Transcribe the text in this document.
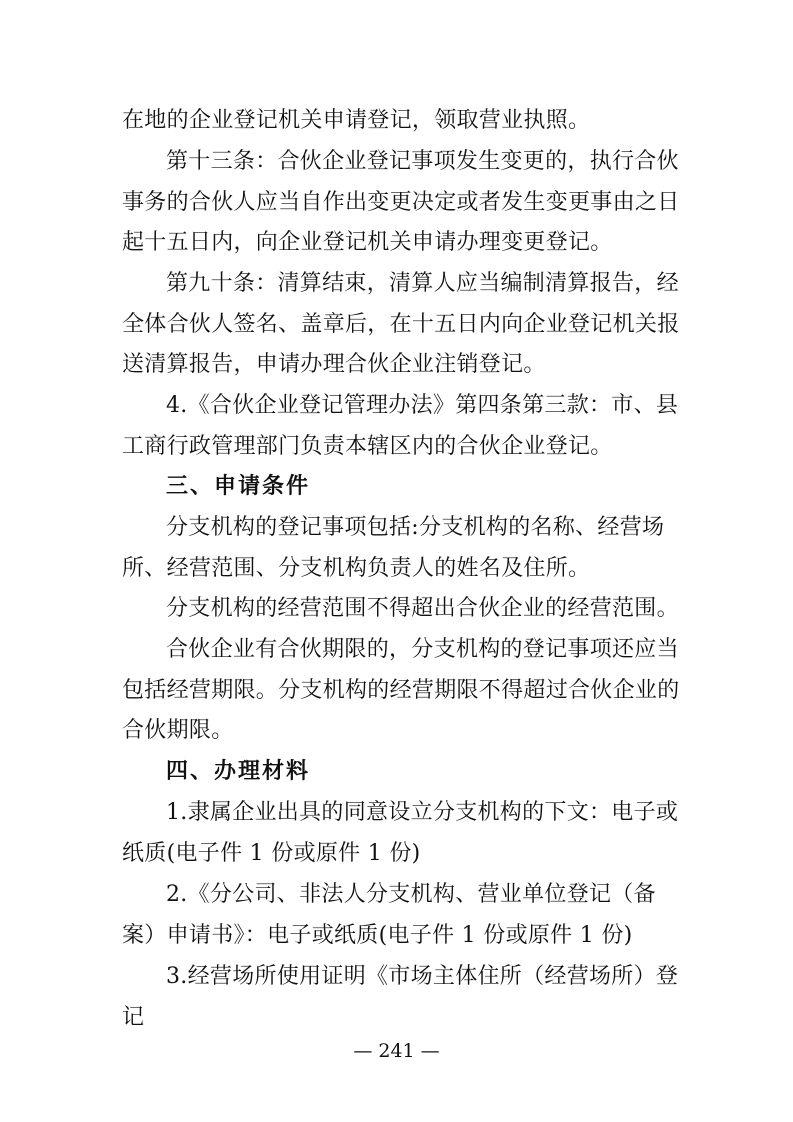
在地的企业登记机关申请登记，领取营业执照。

第十三条：合伙企业登记事项发生变更的，执行合伙事务的合伙人应当自作出变更决定或者发生变更事由之日起十五日内，向企业登记机关申请办理变更登记。

第九十条：清算结束，清算人应当编制清算报告，经全体合伙人签名、盖章后，在十五日内向企业登记机关报送清算报告，申请办理合伙企业注销登记。

4.《合伙企业登记管理办法》第四条第三款：市、县工商行政管理部门负责本辖区内的合伙企业登记。

三、申请条件

分支机构的登记事项包括:分支机构的名称、经营场所、经营范围、分支机构负责人的姓名及住所。

分支机构的经营范围不得超出合伙企业的经营范围。

合伙企业有合伙期限的，分支机构的登记事项还应当包括经营期限。分支机构的经营期限不得超过合伙企业的合伙期限。

四、办理材料

1.隶属企业出具的同意设立分支机构的下文：电子或纸质(电子件 1 份或原件 1 份)

2.《分公司、非法人分支机构、营业单位登记（备案）申请书》：电子或纸质(电子件 1 份或原件 1 份)

3.经营场所使用证明《市场主体住所（经营场所）登记

— 241 —
